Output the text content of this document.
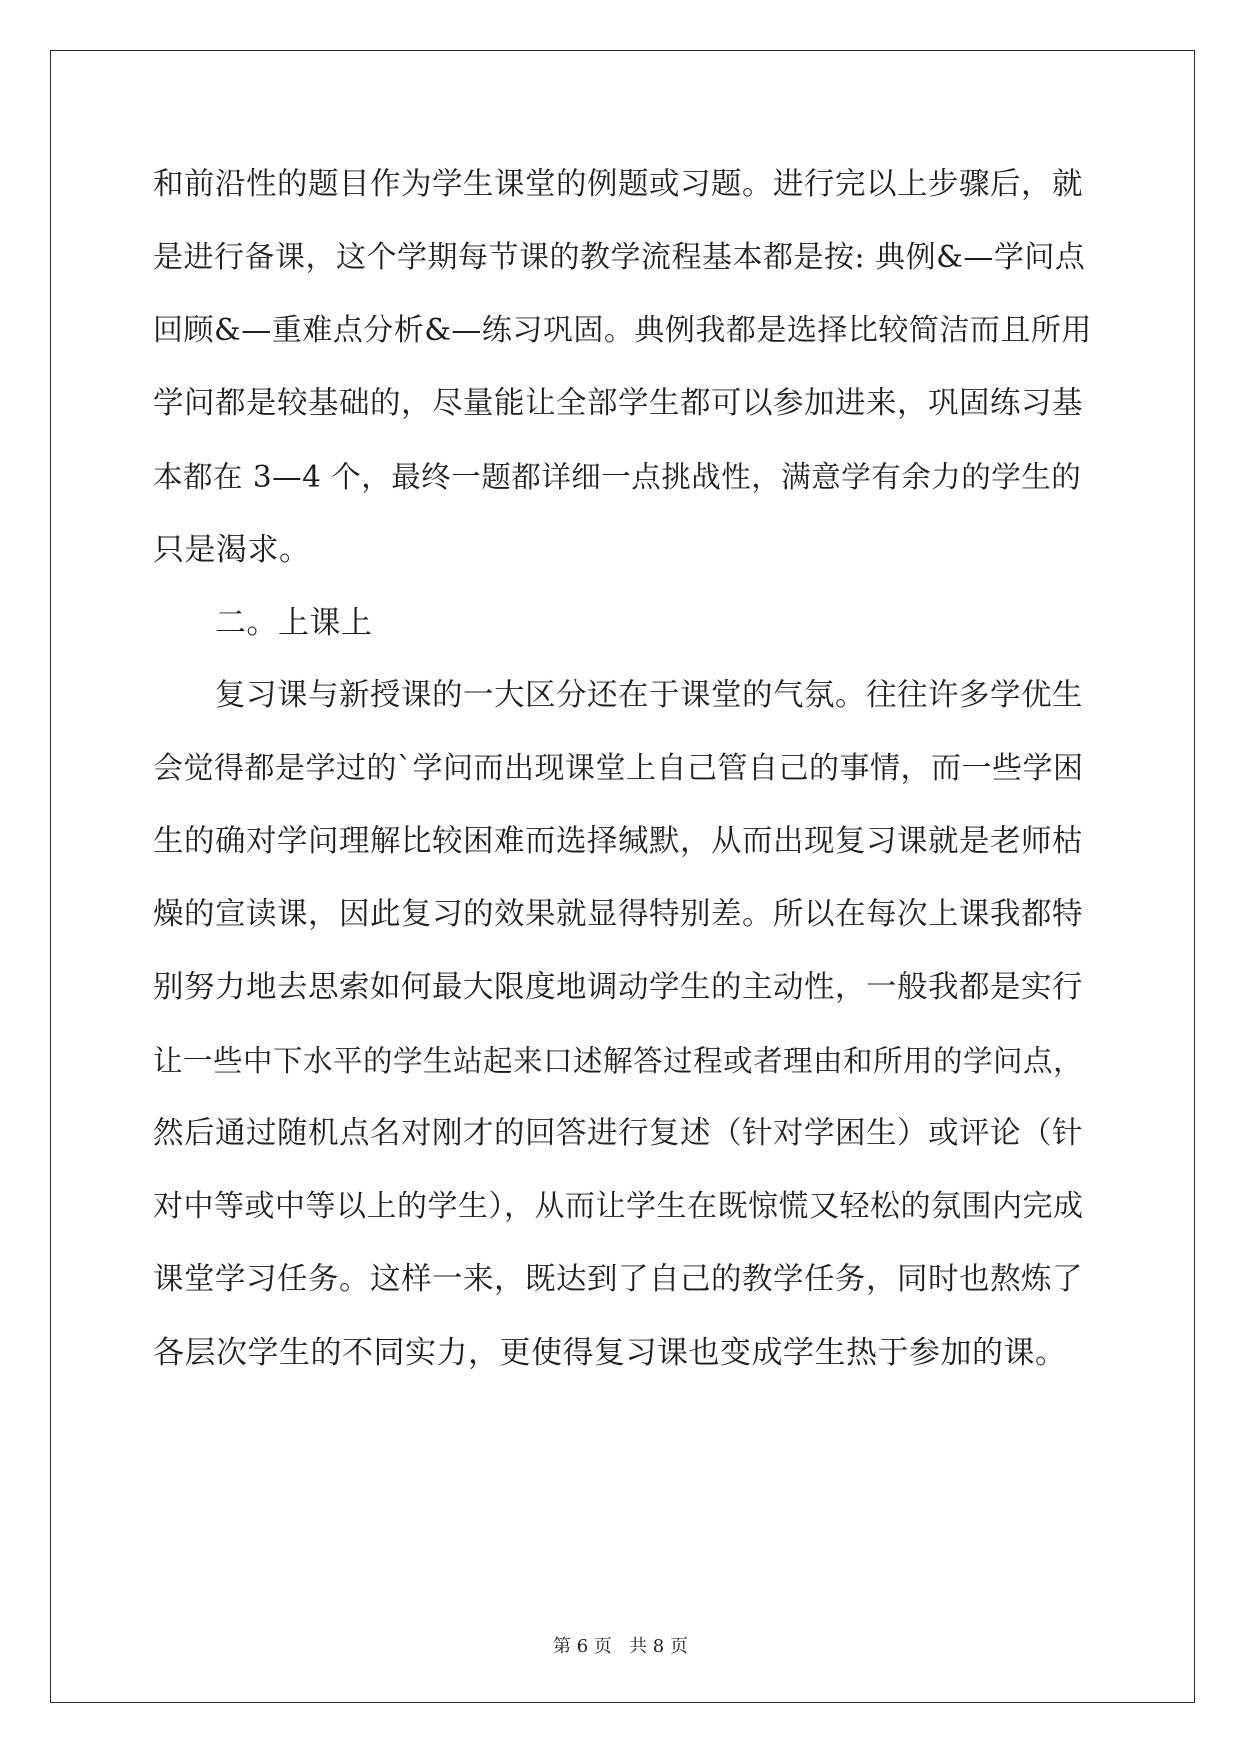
和前沿性的题目作为学生课堂的例题或习题。进行完以上步骤后，就
是进行备课，这个学期每节课的教学流程基本都是按: 典例&—学问点
回顾&—重难点分析&—练习巩固。典例我都是选择比较简洁而且所用
学问都是较基础的，尽量能让全部学生都可以参加进来，巩固练习基
本都在 3—4 个，最终一题都详细一点挑战性，满意学有余力的学生的
只是渴求。
二。上课上
复习课与新授课的一大区分还在于课堂的气氛。往往许多学优生
会觉得都是学过的`学问而出现课堂上自己管自己的事情，而一些学困
生的确对学问理解比较困难而选择缄默，从而出现复习课就是老师枯
燥的宣读课，因此复习的效果就显得特别差。所以在每次上课我都特
别努力地去思索如何最大限度地调动学生的主动性，一般我都是实行
让一些中下水平的学生站起来口述解答过程或者理由和所用的学问点，
然后通过随机点名对刚才的回答进行复述（针对学困生）或评论（针
对中等或中等以上的学生），从而让学生在既惊慌又轻松的氛围内完成
课堂学习任务。这样一来，既达到了自己的教学任务，同时也熬炼了
各层次学生的不同实力，更使得复习课也变成学生热于参加的课。
第 6 页   共 8 页
